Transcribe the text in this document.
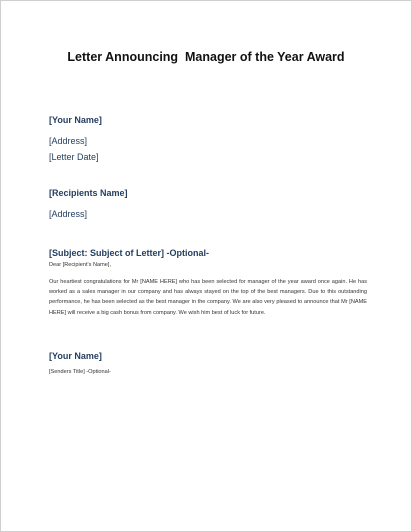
Letter Announcing  Manager of the Year Award
[Your Name]
[Address]
[Letter Date]
[Recipients Name]
[Address]
[Subject: Subject of Letter] -Optional-
Dear [Recipient's Name],

Our heartiest congratulations for Mr [NAME HERE] who has been selected for manager of the year award once again. He has worked as a sales manager in our company and has always stayed on the top of the best managers. Due to this outstanding performance, he has been selected as the best manager in the company. We are also very pleased to announce that Mr [NAME HERE] will receive a big cash bonus from company. We wish him best of luck for future.

[Your Name]
[Senders Title] -Optional-
